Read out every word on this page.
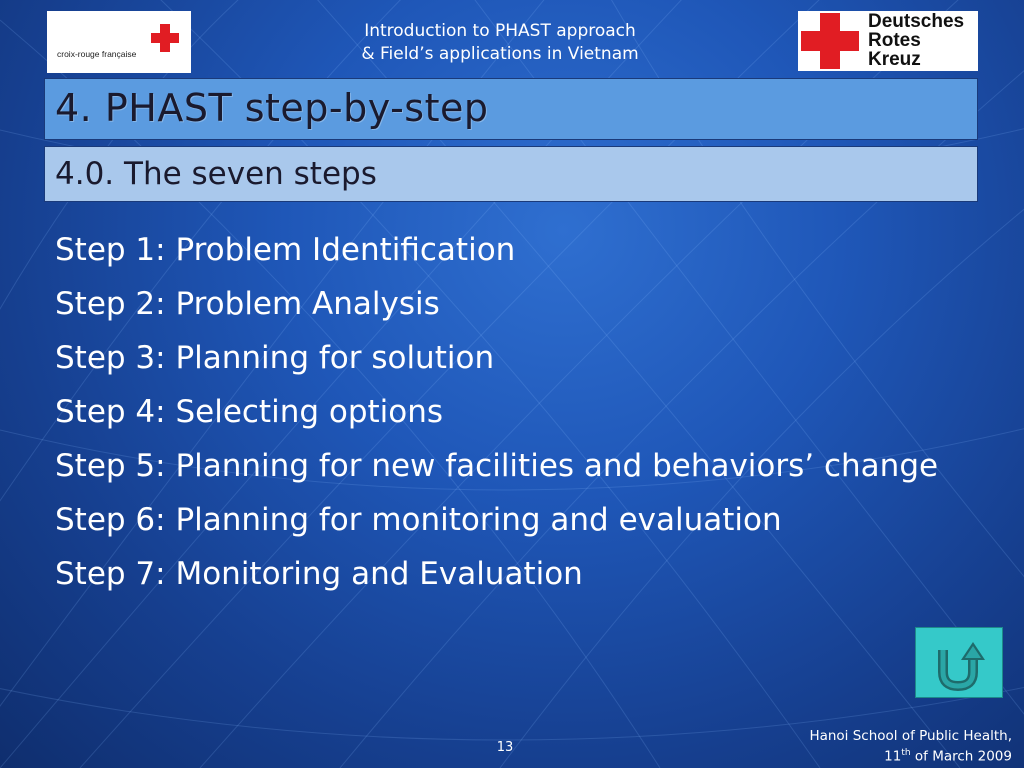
croix-rouge française
Introduction to PHAST approach
& Field’s applications in Vietnam
Deutsches
Rotes
Kreuz
4. PHAST step-by-step
4.0. The seven steps
Step 1: Problem Identification
Step 2: Problem Analysis
Step 3: Planning for solution
Step 4: Selecting options
Step 5: Planning for new facilities and behaviors’ change
Step 6: Planning for monitoring and evaluation
Step 7: Monitoring and Evaluation
13
Hanoi School of Public Health,
11th of March 2009
